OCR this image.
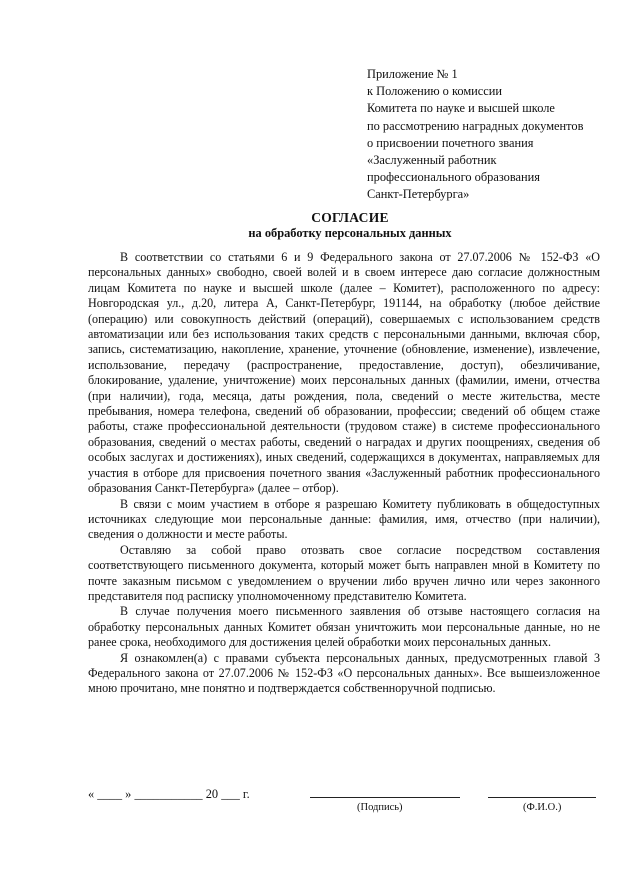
Приложение № 1
к Положению о комиссии
Комитета по науке и высшей школе
по рассмотрению наградных документов
о присвоении почетного звания
«Заслуженный работник
профессионального образования
Санкт-Петербурга»
СОГЛАСИЕ
на обработку персональных данных

В соответствии со статьями 6 и 9 Федерального закона от 27.07.2006 № 152-ФЗ «О персональных данных» свободно, своей волей и в своем интересе даю согласие должностным лицам Комитета по науке и высшей школе (далее – Комитет), расположенного по адресу: Новгородская ул., д.20, литера А, Санкт-Петербург, 191144, на обработку (любое действие (операцию) или совокупность действий (операций), совершаемых с использованием средств автоматизации или без использования таких средств с персональными данными, включая сбор, запись, систематизацию, накопление, хранение, уточнение (обновление, изменение), извлечение, использование, передачу (распространение, предоставление, доступ), обезличивание, блокирование, удаление, уничтожение) моих персональных данных (фамилии, имени, отчества (при наличии), года, месяца, даты рождения, пола, сведений о месте жительства, месте пребывания, номера телефона, сведений об образовании, профессии; сведений об общем стаже работы, стаже профессиональной деятельности (трудовом стаже) в системе профессионального образования, сведений о местах работы, сведений о наградах и других поощрениях, сведения об особых заслугах и достижениях), иных сведений, содержащихся в документах, направляемых для участия в отборе для присвоения почетного звания «Заслуженный работник профессионального образования Санкт-Петербурга» (далее – отбор).

В связи с моим участием в отборе я разрешаю Комитету публиковать в общедоступных источниках следующие мои персональные данные: фамилия, имя, отчество (при наличии), сведения о должности и месте работы.

Оставляю за собой право отозвать свое согласие посредством составления соответствующего письменного документа, который может быть направлен мной в Комитету по почте заказным письмом с уведомлением о вручении либо вручен лично или через законного представителя под расписку уполномоченному представителю Комитета.

В случае получения моего письменного заявления об отзыве настоящего согласия на обработку персональных данных Комитет обязан уничтожить мои персональные данные, но не ранее срока, необходимого для достижения целей обработки моих персональных данных.

Я ознакомлен(а) с правами субъекта персональных данных, предусмотренных главой 3 Федерального закона от 27.07.2006 № 152-ФЗ «О персональных данных». Все вышеизложенное мною прочитано, мне понятно и подтверждается собственноручной подписью.

« ____ » ___________ 20 ___ г.
(Подпись)	(Ф.И.О.)
